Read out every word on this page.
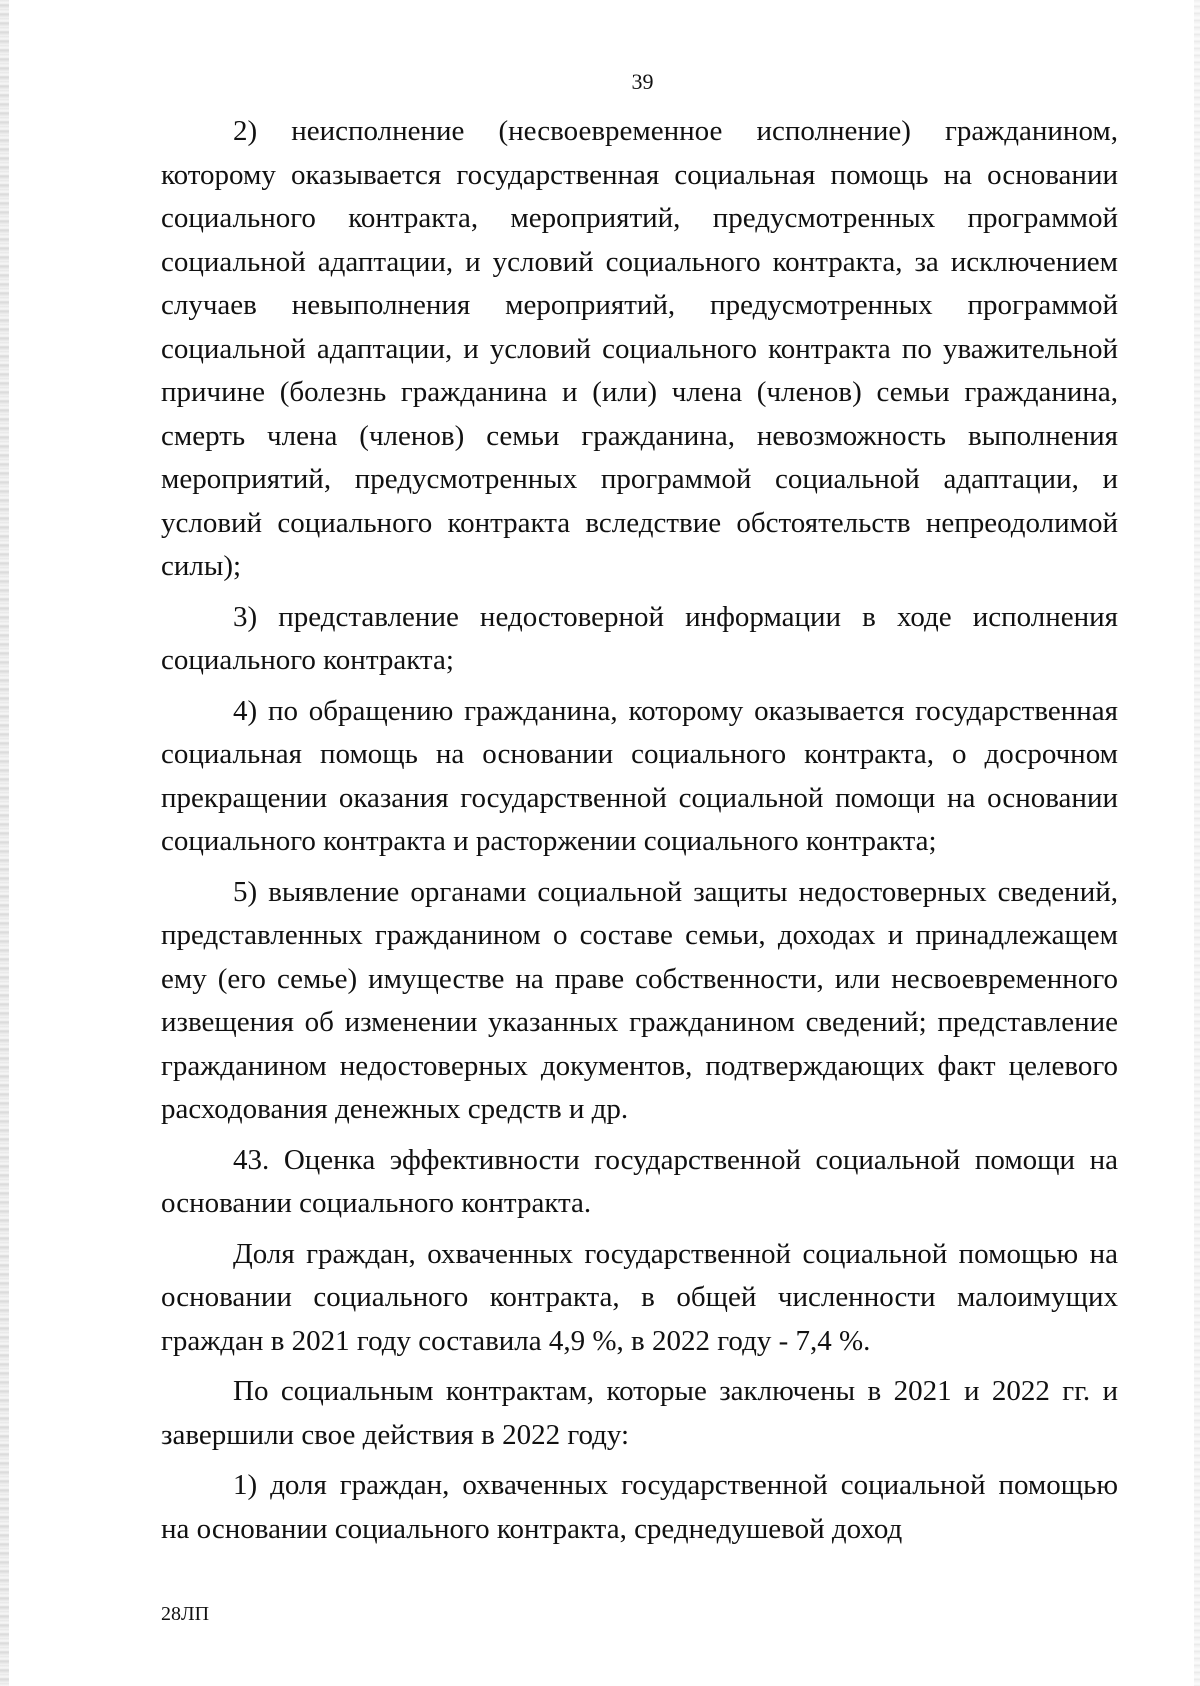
39

2) неисполнение (несвоевременное исполнение) гражданином, которому оказывается государственная социальная помощь на основании социального контракта, мероприятий, предусмотренных программой социальной адаптации, и условий социального контракта, за исключением случаев невыполнения мероприятий, предусмотренных программой социальной адаптации, и условий социального контракта по уважительной причине (болезнь гражданина и (или) члена (членов) семьи гражданина, смерть члена (членов) семьи гражданина, невозможность выполнения мероприятий, предусмотренных программой социальной адаптации, и условий социального контракта вследствие обстоятельств непреодолимой силы);

3) представление недостоверной информации в ходе исполнения социального контракта;

4) по обращению гражданина, которому оказывается государственная социальная помощь на основании социального контракта, о досрочном прекращении оказания государственной социальной помощи на основании социального контракта и расторжении социального контракта;

5) выявление органами социальной защиты недостоверных сведений, представленных гражданином о составе семьи, доходах и принадлежащем ему (его семье) имуществе на праве собственности, или несвоевременного извещения об изменении указанных гражданином сведений; представление гражданином недостоверных документов, подтверждающих факт целевого расходования денежных средств и др.

43. Оценка эффективности государственной социальной помощи на основании социального контракта.

Доля граждан, охваченных государственной социальной помощью на основании социального контракта, в общей численности малоимущих граждан в 2021 году составила 4,9 %, в 2022 году - 7,4 %.

По социальным контрактам, которые заключены в 2021 и 2022 гг. и завершили свое действия в 2022 году:

1) доля граждан, охваченных государственной социальной помощью на основании социального контракта, среднедушевой доход

28ЛП
